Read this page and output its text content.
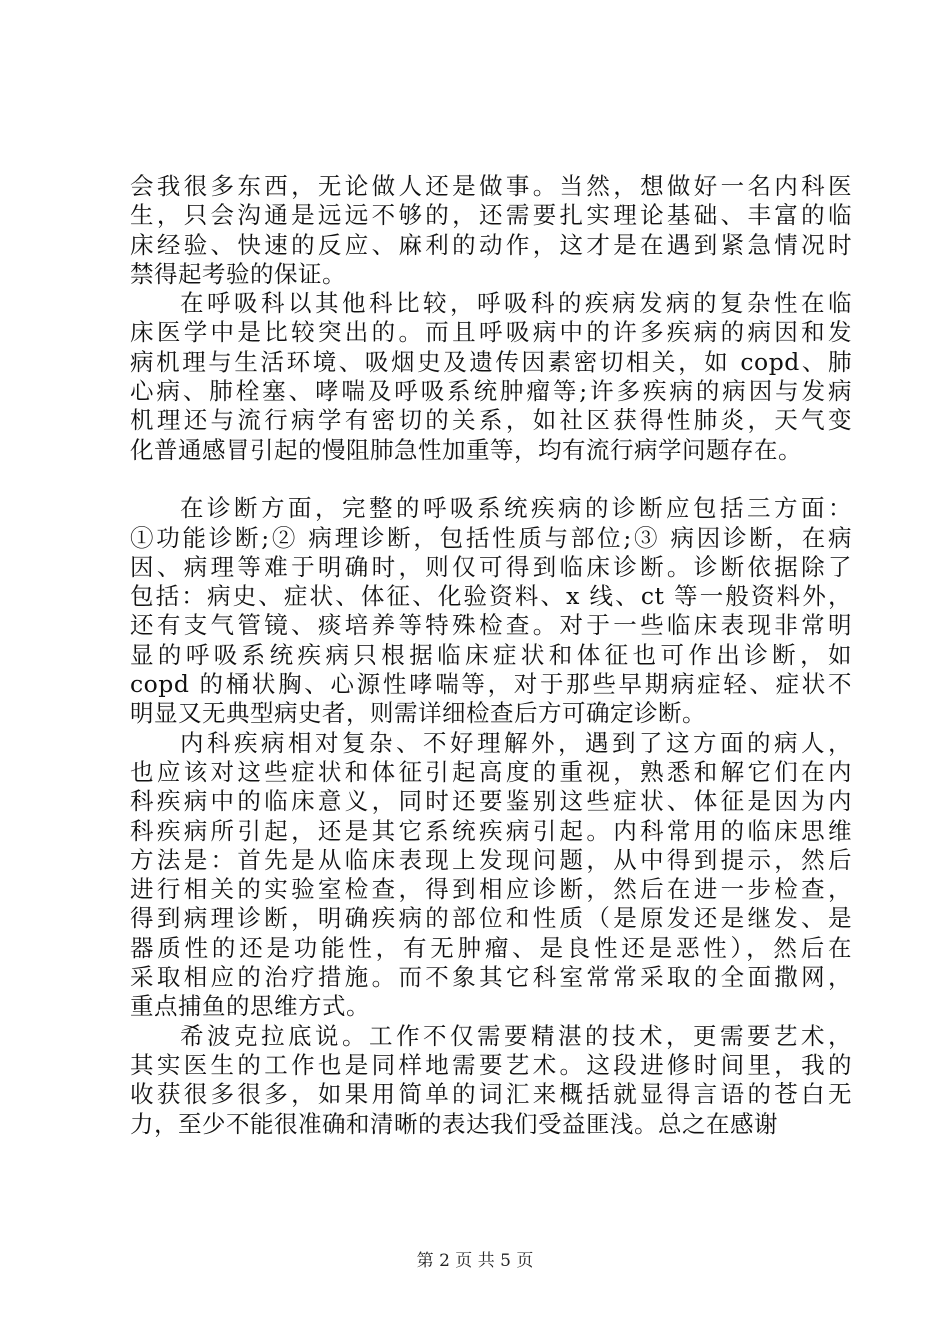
会我很多东西，无论做人还是做事。当然，想做好一名内科医
生，只会沟通是远远不够的，还需要扎实理论基础、丰富的临
床经验、快速的反应、麻利的动作，这才是在遇到紧急情况时
禁得起考验的保证。
在呼吸科以其他科比较，呼吸科的疾病发病的复杂性在临
床医学中是比较突出的。而且呼吸病中的许多疾病的病因和发
病机理与生活环境、吸烟史及遗传因素密切相关，如 copd、肺
心病、肺栓塞、哮喘及呼吸系统肿瘤等;许多疾病的病因与发病
机理还与流行病学有密切的关系，如社区获得性肺炎，天气变
化普通感冒引起的慢阻肺急性加重等，均有流行病学问题存在。
在诊断方面，完整的呼吸系统疾病的诊断应包括三方面：
①功能诊断;② 病理诊断，包括性质与部位;③ 病因诊断，在病
因、病理等难于明确时，则仅可得到临床诊断。诊断依据除了
包括：病史、症状、体征、化验资料、x 线、ct 等一般资料外，
还有支气管镜、痰培养等特殊检查。对于一些临床表现非常明
显的呼吸系统疾病只根据临床症状和体征也可作出诊断，如
copd 的桶状胸、心源性哮喘等，对于那些早期病症轻、症状不
明显又无典型病史者，则需详细检查后方可确定诊断。
内科疾病相对复杂、不好理解外，遇到了这方面的病人，
也应该对这些症状和体征引起高度的重视，熟悉和解它们在内
科疾病中的临床意义，同时还要鉴别这些症状、体征是因为内
科疾病所引起，还是其它系统疾病引起。内科常用的临床思维
方法是：首先是从临床表现上发现问题，从中得到提示，然后
进行相关的实验室检查，得到相应诊断，然后在进一步检查，
得到病理诊断，明确疾病的部位和性质（是原发还是继发、是
器质性的还是功能性，有无肿瘤、是良性还是恶性），然后在
采取相应的治疗措施。而不象其它科室常常采取的全面撒网，
重点捕鱼的思维方式。
希波克拉底说。工作不仅需要精湛的技术，更需要艺术，
其实医生的工作也是同样地需要艺术。这段进修时间里，我的
收获很多很多，如果用简单的词汇来概括就显得言语的苍白无
力，至少不能很准确和清晰的表达我们受益匪浅。总之在感谢
第 2 页 共 5 页
